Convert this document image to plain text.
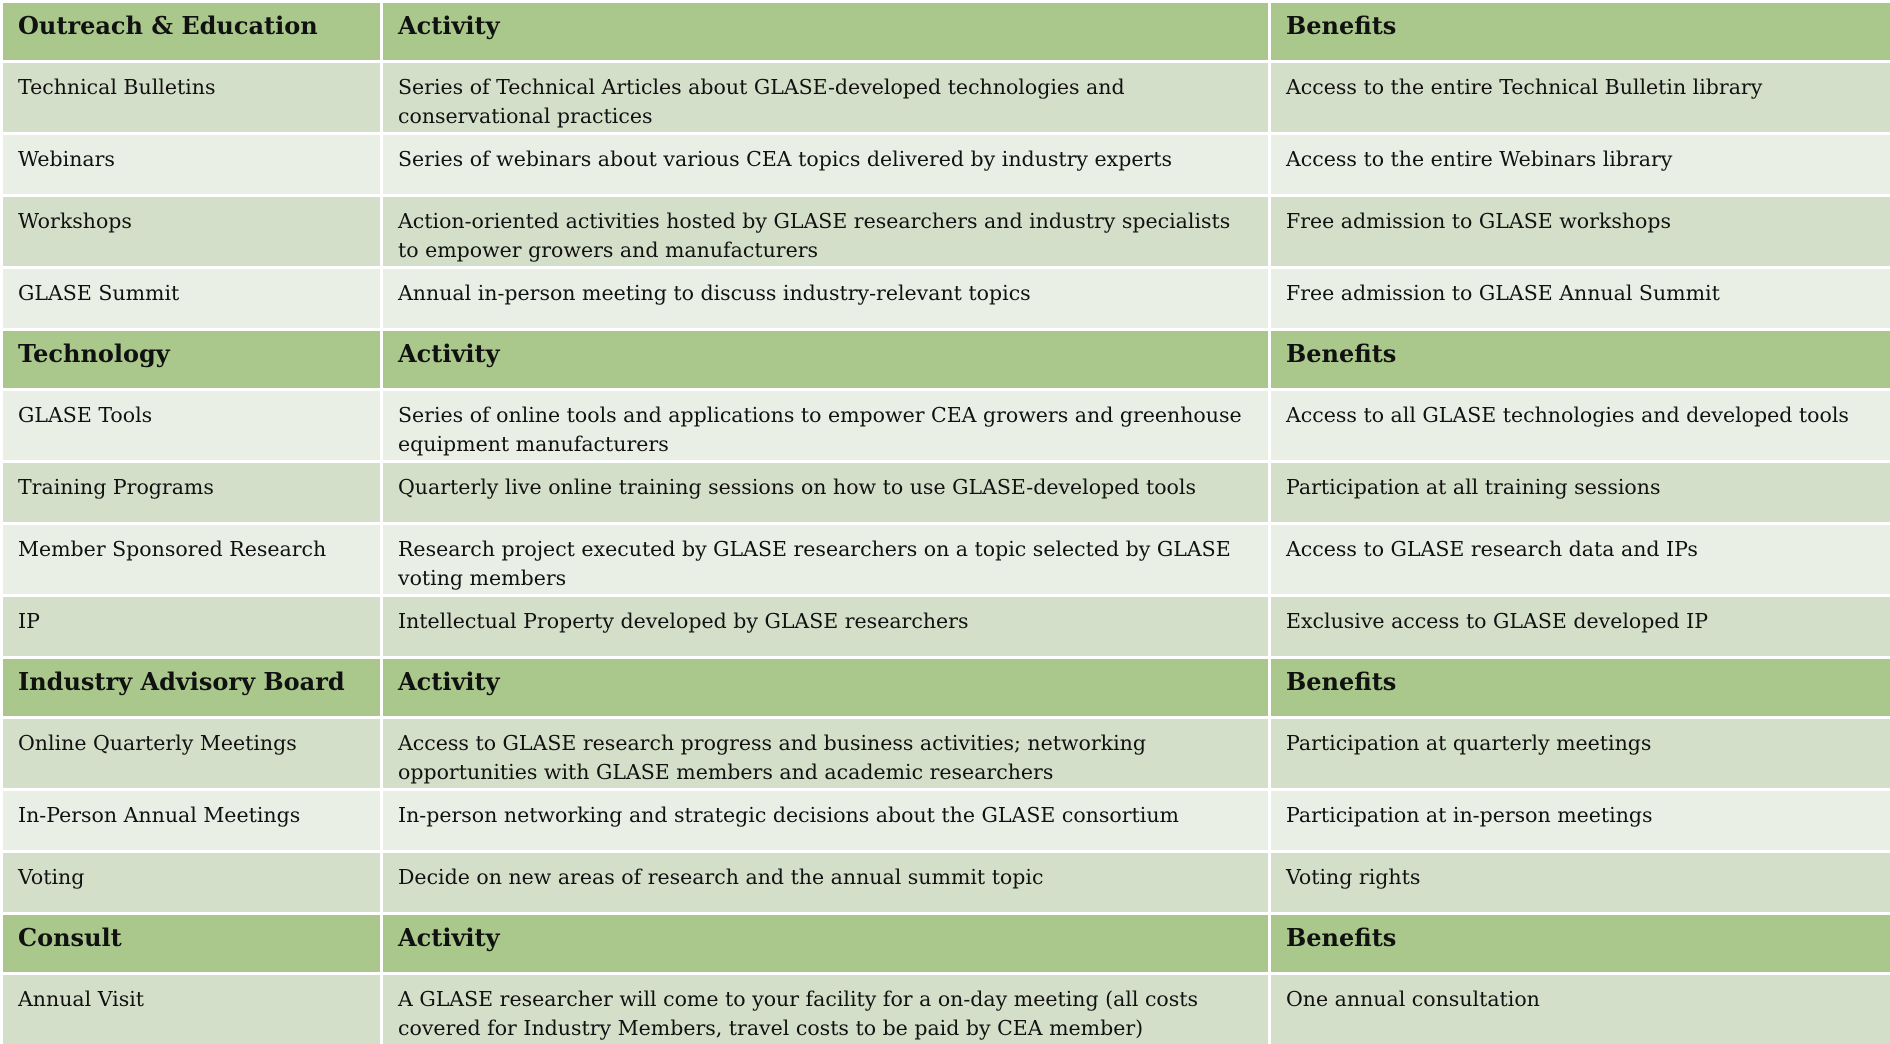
Outreach & Education	Activity	Benefits
Technical Bulletins	Series of Technical Articles about GLASE-developed technologies and conservational practices	Access to the entire Technical Bulletin library
Webinars	Series of webinars about various CEA topics delivered by industry experts	Access to the entire Webinars library
Workshops	Action-oriented activities hosted by GLASE researchers and industry specialists to empower growers and manufacturers	Free admission to GLASE workshops
GLASE Summit	Annual in-person meeting to discuss industry-relevant topics	Free admission to GLASE Annual Summit
Technology	Activity	Benefits
GLASE Tools	Series of online tools and applications to empower CEA growers and greenhouse equipment manufacturers	Access to all GLASE technologies and developed tools
Training Programs	Quarterly live online training sessions on how to use GLASE-developed tools	Participation at all training sessions
Member Sponsored Research	Research project executed by GLASE researchers on a topic selected by GLASE voting members	Access to GLASE research data and IPs
IP	Intellectual Property developed by GLASE researchers	Exclusive access to GLASE developed IP
Industry Advisory Board	Activity	Benefits
Online Quarterly Meetings	Access to GLASE research progress and business activities; networking opportunities with GLASE members and academic researchers	Participation at quarterly meetings
In-Person Annual Meetings	In-person networking and strategic decisions about the GLASE consortium	Participation at in-person meetings
Voting	Decide on new areas of research and the annual summit topic	Voting rights
Consult	Activity	Benefits
Annual Visit	A GLASE researcher will come to your facility for a on-day meeting (all costs covered for Industry Members, travel costs to be paid by CEA member)	One annual consultation
